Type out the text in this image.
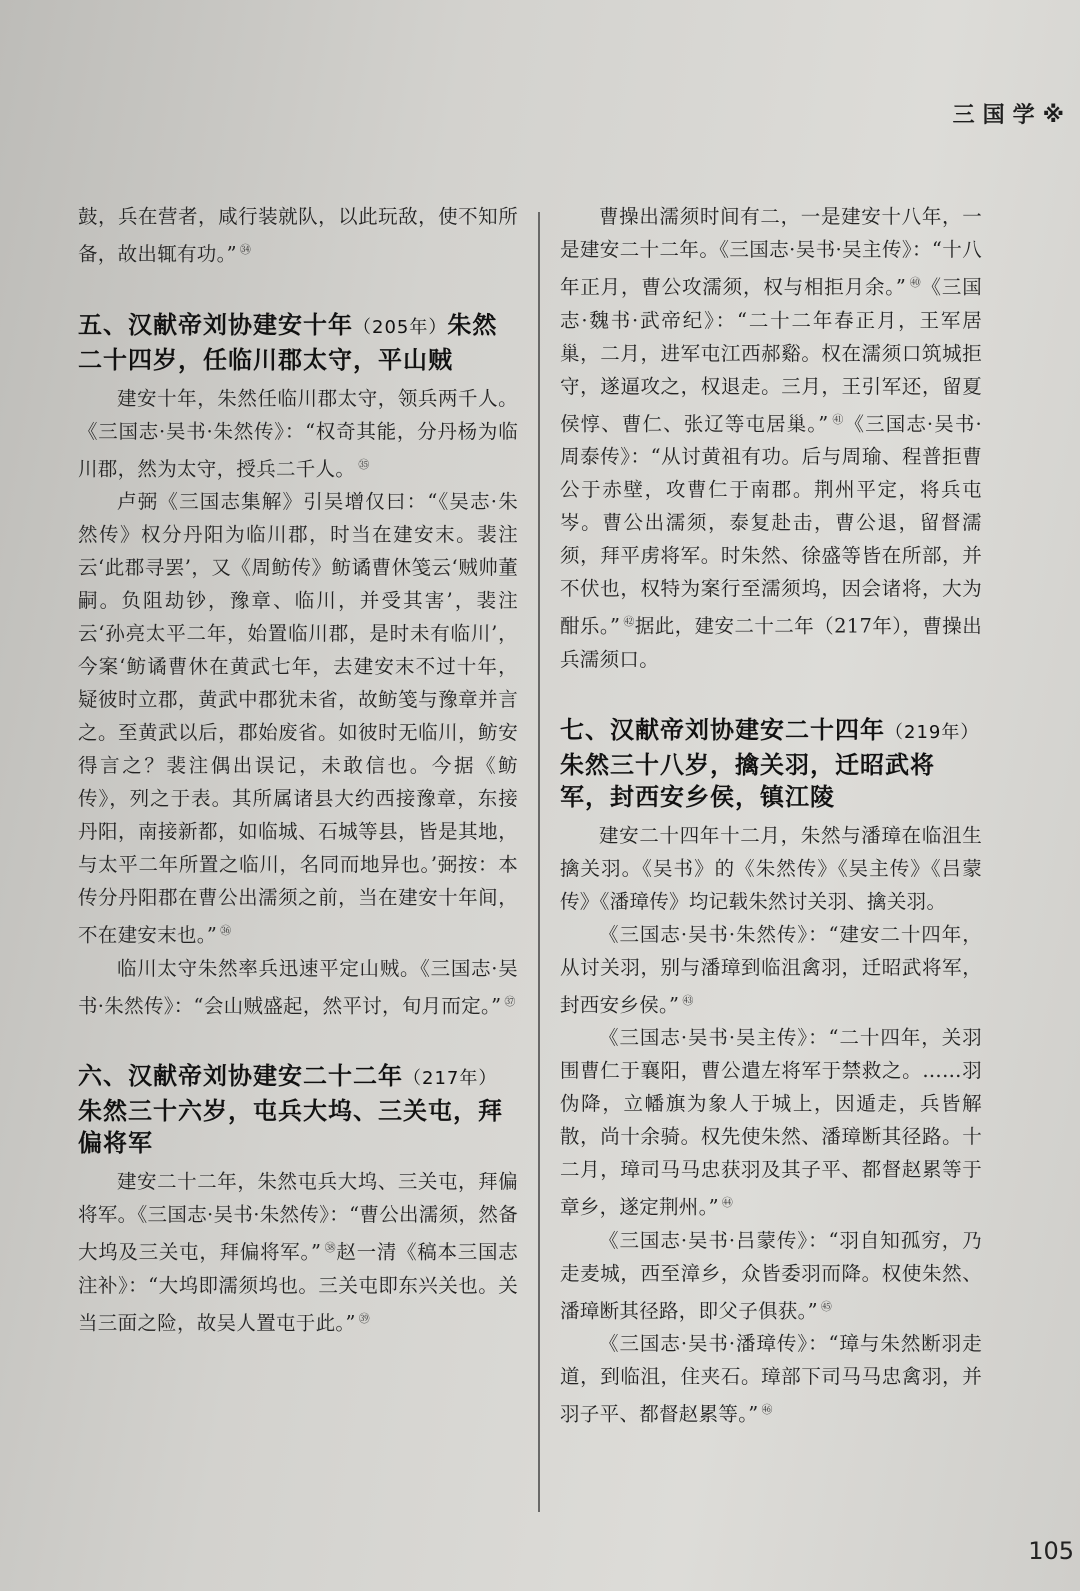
三国学※

鼓，兵在营者，咸行装就队，以此玩敌，使不知所备，故出辄有功。” $^㉞$

五、汉献帝刘协建安十年（205年）朱然二十四岁，任临川郡太守，平山贼

建安十年，朱然任临川郡太守，领兵两千人。《三国志·吴书·朱然传》：“权奇其能，分丹杨为临川郡，然为太守，授兵二千人。 $^㉟$

卢弼《三国志集解》引吴增仅曰：“《吴志·朱然传》权分丹阳为临川郡，时当在建安末。裴注云‘此郡寻罢’，又《周鲂传》鲂谲曹休笺云‘贼帅董嗣。负阻劫钞，豫章、临川，并受其害’，裴注云‘孙亮太平二年，始置临川郡，是时未有临川’，今案‘鲂谲曹休在黄武七年，去建安末不过十年，疑彼时立郡，黄武中郡犹未省，故鲂笺与豫章并言之。至黄武以后，郡始废省。如彼时无临川，鲂安得言之？裴注偶出误记，未敢信也。今据《鲂传》，列之于表。其所属诸县大约西接豫章，东接丹阳，南接新都，如临城、石城等县，皆是其地，与太平二年所置之临川，名同而地异也。’弼按：本传分丹阳郡在曹公出濡须之前，当在建安十年间，不在建安末也。” $^㊱$

临川太守朱然率兵迅速平定山贼。《三国志·吴书·朱然传》：“会山贼盛起，然平讨，旬月而定。” $^㊲$

六、汉献帝刘协建安二十二年（217年）朱然三十六岁，屯兵大坞、三关屯，拜偏将军

建安二十二年，朱然屯兵大坞、三关屯，拜偏将军。《三国志·吴书·朱然传》：“曹公出濡须，然备大坞及三关屯，拜偏将军。” $^㊳$赵一清《稿本三国志注补》：“大坞即濡须坞也。三关屯即东兴关也。关当三面之险，故吴人置屯于此。” $^㊴$

曹操出濡须时间有二，一是建安十八年，一是建安二十二年。《三国志·吴书·吴主传》：“十八年正月，曹公攻濡须，权与相拒月余。” $^㊵$《三国志·魏书·武帝纪》：“二十二年春正月，王军居巢，二月，进军屯江西郝谿。权在濡须口筑城拒守，遂逼攻之，权退走。三月，王引军还，留夏侯惇、曹仁、张辽等屯居巢。” $^㊶$《三国志·吴书·周泰传》：“从讨黄祖有功。后与周瑜、程普拒曹公于赤壁，攻曹仁于南郡。荆州平定，将兵屯岑。曹公出濡须，泰复赴击，曹公退，留督濡须，拜平虏将军。时朱然、徐盛等皆在所部，并不伏也，权特为案行至濡须坞，因会诸将，大为酣乐。” $^㊷$据此，建安二十二年（217年），曹操出兵濡须口。

七、汉献帝刘协建安二十四年（219年）朱然三十八岁，擒关羽，迁昭武将军，封西安乡侯，镇江陵

建安二十四年十二月，朱然与潘璋在临沮生擒关羽。《吴书》的《朱然传》《吴主传》《吕蒙传》《潘璋传》均记载朱然讨关羽、擒关羽。

《三国志·吴书·朱然传》：“建安二十四年，从讨关羽，别与潘璋到临沮禽羽，迁昭武将军，封西安乡侯。” $^㊸$

《三国志·吴书·吴主传》：“二十四年，关羽围曹仁于襄阳，曹公遣左将军于禁救之。……羽伪降，立幡旗为象人于城上，因遁走，兵皆解散，尚十余骑。权先使朱然、潘璋断其径路。十二月，璋司马马忠获羽及其子平、都督赵累等于章乡，遂定荆州。” $^㊹$

《三国志·吴书·吕蒙传》：“羽自知孤穷，乃走麦城，西至漳乡，众皆委羽而降。权使朱然、潘璋断其径路，即父子俱获。” $^㊺$

《三国志·吴书·潘璋传》：“璋与朱然断羽走道，到临沮，住夹石。璋部下司马马忠禽羽，并羽子平、都督赵累等。” $^㊻$

105
